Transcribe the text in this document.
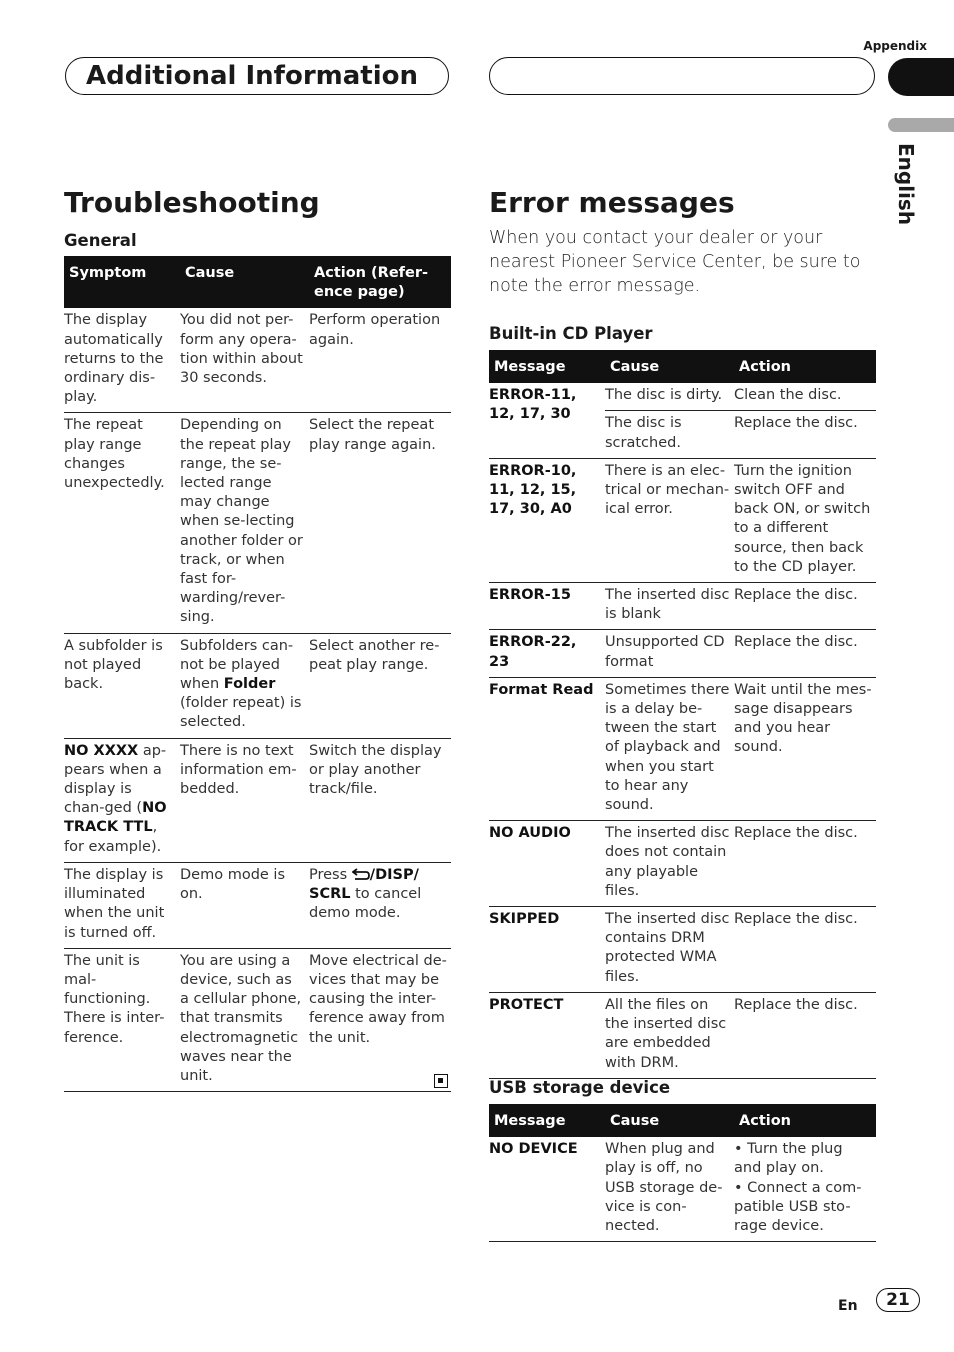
Appendix
Additional Information
English
Troubleshooting
General
Symptom	Cause	Action (Refer-
ence page)
The display automatically returns to the ordinary dis-play.	You did not per-form any opera-tion within about 30 seconds.	Perform operation again.
The repeat play range changes unexpectedly.	Depending on the repeat play range, the se-lected range may change when se-lecting another folder or track, or when fast for-warding/rever-sing.	Select the repeat play range again.
A subfolder is not played back.	Subfolders can-not be played when Folder (folder repeat) is selected.	Select another re-peat play range.
NO XXXX ap-pears when a display is chan-ged (NO TRACK TTL, for example).	There is no text information em-bedded.	Switch the display or play another track/file.
The display is illuminated when the unit is turned off.	Demo mode is on.	Press /DISP/
SCRL to cancel demo mode.
The unit is mal-functioning. There is inter-ference.	You are using a device, such as a cellular phone, that transmits electromagnetic waves near the unit.	Move electrical de-vices that may be causing the inter-ference away from the unit.
Error messages
When you contact your dealer or your nearest Pioneer Service Center, be sure to note the error message.
Built-in CD Player
Message	Cause	Action
ERROR-11, 12, 17, 30	The disc is dirty.	Clean the disc.
	The disc is scratched.	Replace the disc.
ERROR-10, 11, 12, 15, 17, 30, A0	There is an elec-trical or mechan-ical error.	Turn the ignition switch OFF and back ON, or switch to a different source, then back to the CD player.
ERROR-15	The inserted disc is blank	Replace the disc.
ERROR-22, 23	Unsupported CD format	Replace the disc.
Format Read	Sometimes there is a delay be-tween the start of playback and when you start to hear any sound.	Wait until the mes-sage disappears and you hear sound.
NO AUDIO	The inserted disc does not contain any playable files.	Replace the disc.
SKIPPED	The inserted disc contains DRM protected WMA files.	Replace the disc.
PROTECT	All the files on the inserted disc are embedded with DRM.	Replace the disc.
USB storage device
Message	Cause	Action
NO DEVICE	When plug and play is off, no USB storage de-vice is con-nected.	• Turn the plug and play on.
• Connect a com-patible USB sto-rage device.
En	21
